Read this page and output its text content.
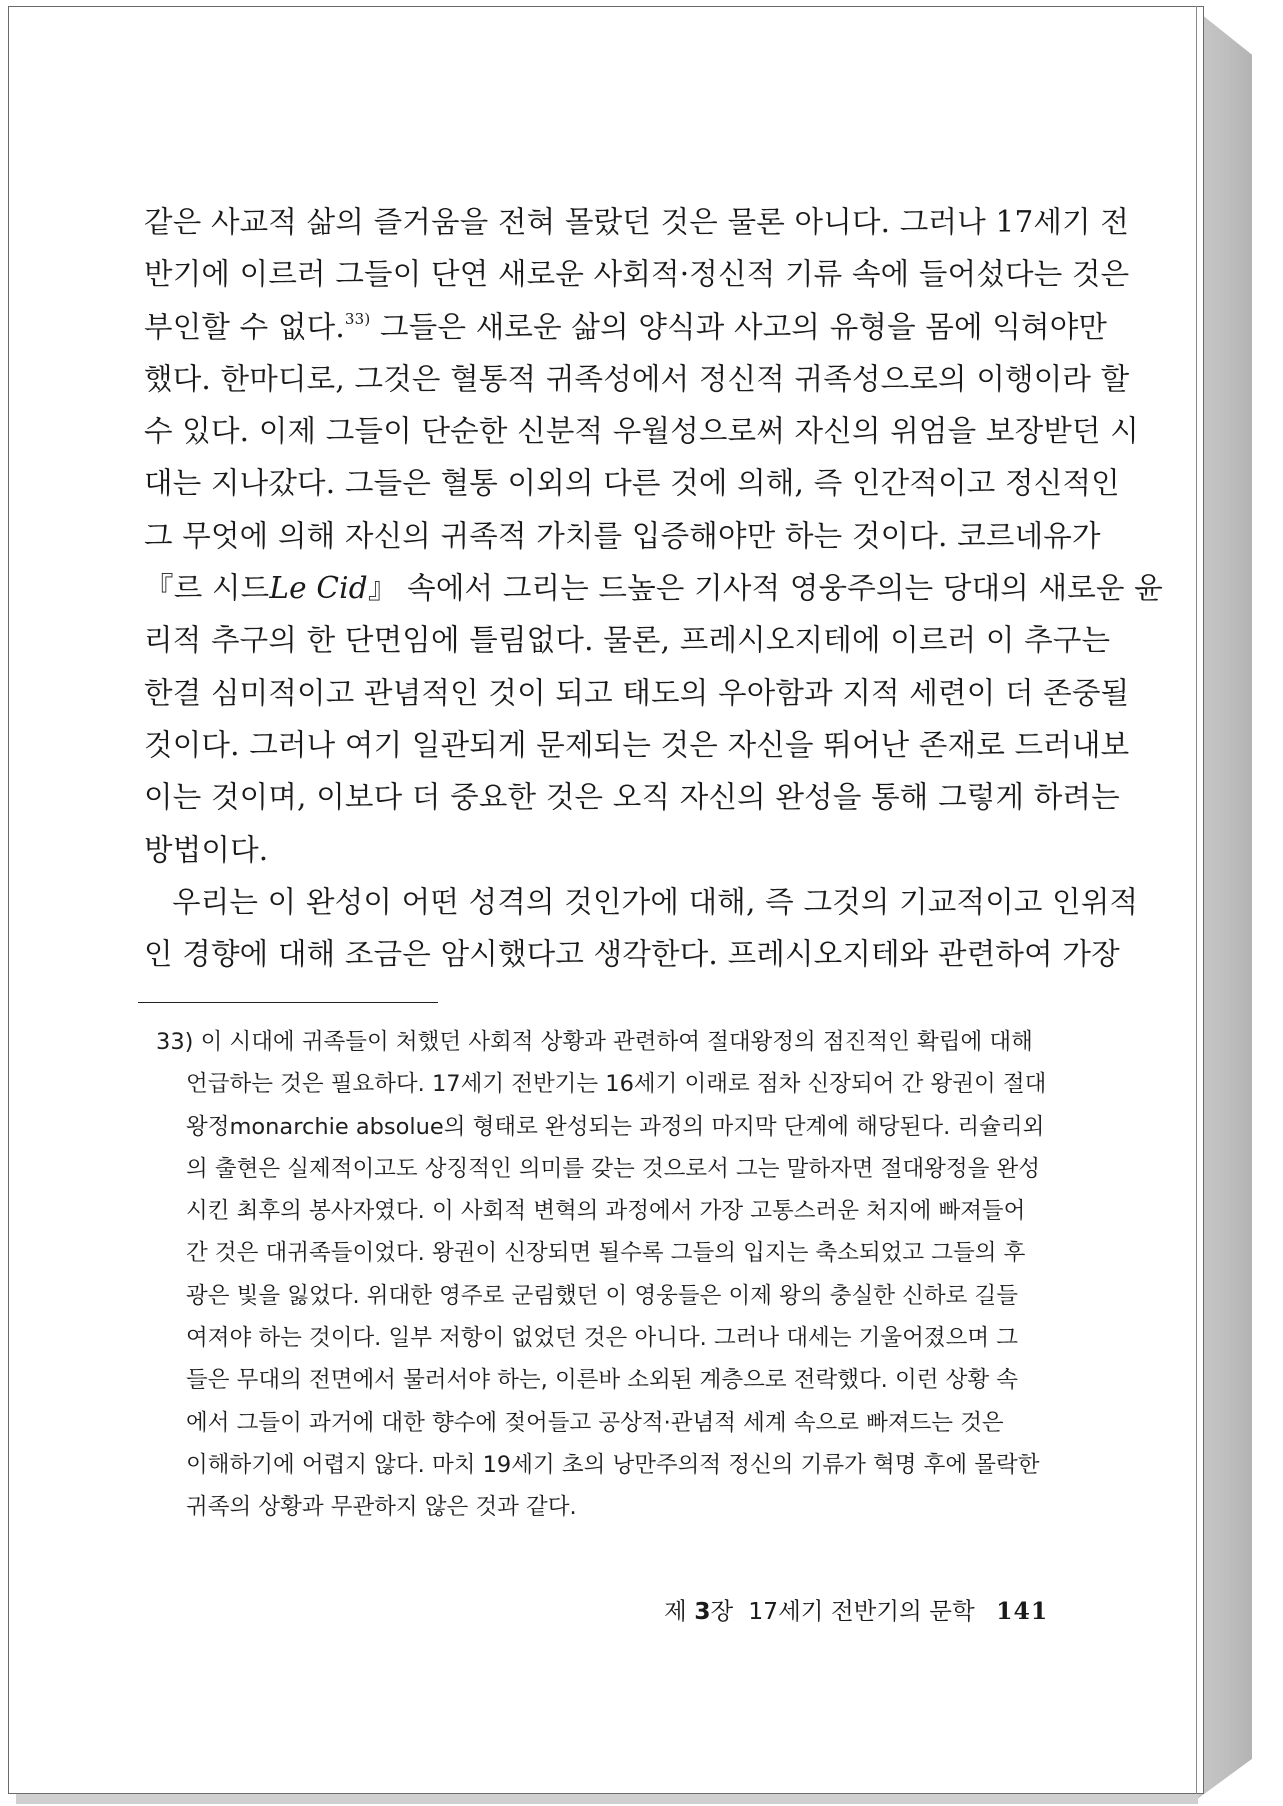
같은 사교적 삶의 즐거움을 전혀 몰랐던 것은 물론 아니다. 그러나 17세기 전
반기에 이르러 그들이 단연 새로운 사회적·정신적 기류 속에 들어섰다는 것은
부인할 수 없다.$^{33)}$ 그들은 새로운 삶의 양식과 사고의 유형을 몸에 익혀야만
했다. 한마디로, 그것은 혈통적 귀족성에서 정신적 귀족성으로의 이행이라 할
수 있다. 이제 그들이 단순한 신분적 우월성으로써 자신의 위엄을 보장받던 시
대는 지나갔다. 그들은 혈통 이외의 다른 것에 의해, 즉 인간적이고 정신적인
그 무엇에 의해 자신의 귀족적 가치를 입증해야만 하는 것이다. 코르네유가
『르 시드Le Cid』 속에서 그리는 드높은 기사적 영웅주의는 당대의 새로운 윤
리적 추구의 한 단면임에 틀림없다. 물론, 프레시오지테에 이르러 이 추구는
한결 심미적이고 관념적인 것이 되고 태도의 우아함과 지적 세련이 더 존중될
것이다. 그러나 여기 일관되게 문제되는 것은 자신을 뛰어난 존재로 드러내보
이는 것이며, 이보다 더 중요한 것은 오직 자신의 완성을 통해 그렇게 하려는
방법이다.
우리는 이 완성이 어떤 성격의 것인가에 대해, 즉 그것의 기교적이고 인위적
인 경향에 대해 조금은 암시했다고 생각한다. 프레시오지테와 관련하여 가장
33) 이 시대에 귀족들이 처했던 사회적 상황과 관련하여 절대왕정의 점진적인 확립에 대해
언급하는 것은 필요하다. 17세기 전반기는 16세기 이래로 점차 신장되어 간 왕권이 절대
왕정monarchie absolue의 형태로 완성되는 과정의 마지막 단계에 해당된다. 리슐리외
의 출현은 실제적이고도 상징적인 의미를 갖는 것으로서 그는 말하자면 절대왕정을 완성
시킨 최후의 봉사자였다. 이 사회적 변혁의 과정에서 가장 고통스러운 처지에 빠져들어
간 것은 대귀족들이었다. 왕권이 신장되면 될수록 그들의 입지는 축소되었고 그들의 후
광은 빛을 잃었다. 위대한 영주로 군림했던 이 영웅들은 이제 왕의 충실한 신하로 길들
여져야 하는 것이다. 일부 저항이 없었던 것은 아니다. 그러나 대세는 기울어졌으며 그
들은 무대의 전면에서 물러서야 하는, 이른바 소외된 계층으로 전락했다. 이런 상황 속
에서 그들이 과거에 대한 향수에 젖어들고 공상적·관념적 세계 속으로 빠져드는 것은
이해하기에 어렵지 않다. 마치 19세기 초의 낭만주의적 정신의 기류가 혁명 후에 몰락한
귀족의 상황과 무관하지 않은 것과 같다.
제 3장 17세기 전반기의 문학 141
